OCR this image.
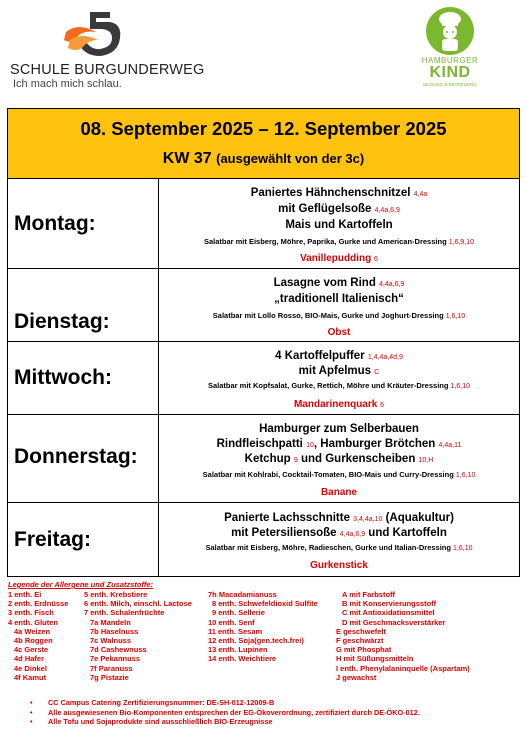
SCHULE BURGUNDERWEG
Ich mach mich schlau.
HAMBURGER
KIND
BILDUNG & BETREUUNG
08. September 2025 – 12. September 2025
KW 37 (ausgewählt von der 3c)
Montag:
Paniertes Hähnchenschnitzel 4,4a
mit Geflügelsoße 4,4a,6,9
Mais und Kartoffeln
Salatbar mit Eisberg, Möhre, Paprika, Gurke und American-Dressing 1,6,9,10
Vanillepudding 6
Dienstag:
Lasagne vom Rind 4,4a,6,9
„traditionell Italienisch“
Salatbar mit Lollo Rosso, BIO-Mais, Gurke und Joghurt-Dressing 1,6,10
Obst
Mittwoch:
4 Kartoffelpuffer 1,4,4a,4d,9
mit Apfelmus C
Salatbar mit Kopfsalat, Gurke, Rettich, Möhre und Kräuter-Dressing 1,6,10
Mandarinenquark 6
Donnerstag:
Hamburger zum Selberbauen
Rindfleischpatti 10, Hamburger Brötchen 4,4a,11
Ketchup 9 und Gurkenscheiben 10,H
Salatbar mit Kohlrabi, Cocktail-Tomaten, BIO-Mais und Curry-Dressing 1,6,10
Banane
Freitag:
Panierte Lachsschnitte 3,4,4a,10 (Aquakultur)
mit Petersiliensoße 4,4a,6,9 und Kartoffeln
Salatbar mit Eisberg, Möhre, Radieschen, Gurke und Italian-Dressing 1,6,10
Gurkenstick
Legende der Allergene und Zusatzstoffe:
1 enth. Ei
2 enth. Erdnüsse
3 enth. Fisch
4 enth. Gluten
4a Weizen
4b Roggen
4c Gerste
4d Hafer
4e Dinkel
4f Kamut
5 enth. Krebstiere
6 enth. Milch, einschl. Lactose
7 enth. Schalenfrüchte
7a Mandeln
7b Haselnuss
7c Walnuss
7d Cashewnuss
7e Pekannuss
7f Paranuss
7g Pistazie
7h Macadamianuss
8 enth. Schwefeldioxid Sulfite
9 enth. Sellerie
10 enth. Senf
11 enth. Sesam
12 enth. Soja(gen.tech.frei)
13 enth. Lupinen
14 enth. Weichtiere
A mit Farbstoff
B mit Konservierungsstoff
C mit Antioxidationsmittel
D mit Geschmacksverstärker
E geschwefelt
F geschwärzt
G mit Phosphat
H mit Süßungsmitteln
I enth. Phenylalaninquelle (Aspartam)
J gewachst
• CC Campus Catering Zertifizierungsnummer: DE-SH-012-12009-B
• Alle ausgewiesenen Bio-Komponenten entsprechen der EG-Ökoverordnung, zertifiziert durch DE-ÖKO-012.
• Alle Tofu und Sojaprodukte sind ausschließlich BIO-Erzeugnisse
